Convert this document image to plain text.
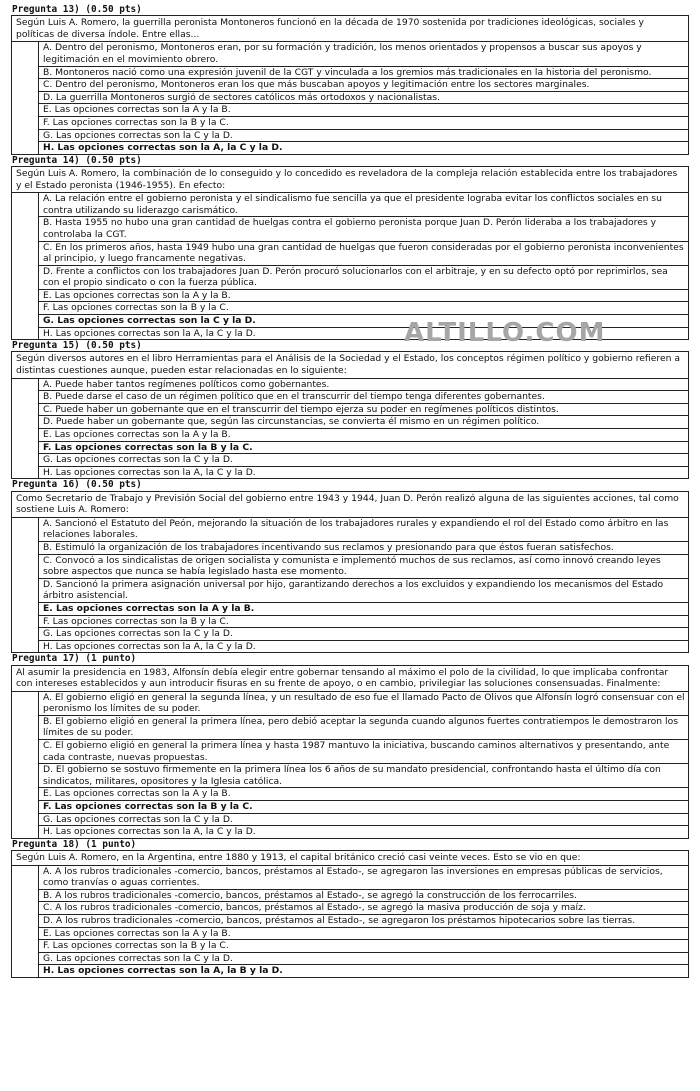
Pregunta 13) (0.50 pts)
Según Luis A. Romero, la guerrilla peronista Montoneros funcionó en la década de 1970 sostenida por tradiciones ideológicas, sociales y políticas de diversa índole. Entre ellas...
A. Dentro del peronismo, Montoneros eran, por su formación y tradición, los menos orientados y propensos a buscar sus apoyos y legitimación en el movimiento obrero.
B. Montoneros nació como una expresión juvenil de la CGT y vinculada a los gremios más tradicionales en la historia del peronismo.
C. Dentro del peronismo, Montoneros eran los que más buscaban apoyos y legitimación entre los sectores marginales.
D. La guerrilla Montoneros surgió de sectores católicos más ortodoxos y nacionalistas.
E. Las opciones correctas son la A y la B.
F. Las opciones correctas son la B y la C.
G. Las opciones correctas son la C y la D.
H. Las opciones correctas son la A, la C y la D.
Pregunta 14) (0.50 pts)
Según Luis A. Romero, la combinación de lo conseguido y lo concedido es reveladora de la compleja relación establecida entre los trabajadores y el Estado peronista (1946-1955). En efecto:
A. La relación entre el gobierno peronista y el sindicalismo fue sencilla ya que el presidente lograba evitar los conflictos sociales en su contra utilizando su liderazgo carismático.
B. Hasta 1955 no hubo una gran cantidad de huelgas contra el gobierno peronista porque Juan D. Perón lideraba a los trabajadores y controlaba la CGT.
C. En los primeros años, hasta 1949 hubo una gran cantidad de huelgas que fueron consideradas por el gobierno peronista inconvenientes al principio, y luego francamente negativas.
D. Frente a conflictos con los trabajadores Juan D. Perón procuró solucionarlos con el arbitraje, y en su defecto optó por reprimirlos, sea con el propio sindicato o con la fuerza pública.
E. Las opciones correctas son la A y la B.
F. Las opciones correctas son la B y la C.
G. Las opciones correctas son la C y la D.
H. Las opciones correctas son la A, la C y la D.
Pregunta 15) (0.50 pts)
Según diversos autores en el libro Herramientas para el Análisis de la Sociedad y el Estado, los conceptos régimen político y gobierno refieren a distintas cuestiones aunque, pueden estar relacionadas en lo siguiente:
A. Puede haber tantos regímenes políticos como gobernantes.
B. Puede darse el caso de un régimen político que en el transcurrir del tiempo tenga diferentes gobernantes.
C. Puede haber un gobernante que en el transcurrir del tiempo ejerza su poder en regímenes políticos distintos.
D. Puede haber un gobernante que, según las circunstancias, se convierta él mismo en un régimen político.
E. Las opciones correctas son la A y la B.
F. Las opciones correctas son la B y la C.
G. Las opciones correctas son la C y la D.
H. Las opciones correctas son la A, la C y la D.
Pregunta 16) (0.50 pts)
Como Secretario de Trabajo y Previsión Social del gobierno entre 1943 y 1944, Juan D. Perón realizó alguna de las siguientes acciones, tal como sostiene Luis A. Romero:
A. Sancionó el Estatuto del Peón, mejorando la situación de los trabajadores rurales y expandiendo el rol del Estado como árbitro en las relaciones laborales.
B. Estimuló la organización de los trabajadores incentivando sus reclamos y presionando para que éstos fueran satisfechos.
C. Convocó a los sindicalistas de origen socialista y comunista e implementó muchos de sus reclamos, así como innovó creando leyes sobre aspectos que nunca se había legislado hasta ese momento.
D. Sancionó la primera asignación universal por hijo, garantizando derechos a los excluidos y expandiendo los mecanismos del Estado árbitro asistencial.
E. Las opciones correctas son la A y la B.
F. Las opciones correctas son la B y la C.
G. Las opciones correctas son la C y la D.
H. Las opciones correctas son la A, la C y la D.
Pregunta 17) (1 punto)
Al asumir la presidencia en 1983, Alfonsín debía elegir entre gobernar tensando al máximo el polo de la civilidad, lo que implicaba confrontar con intereses establecidos y aun introducir fisuras en su frente de apoyo, o en cambio, privilegiar las soluciones consensuadas. Finalmente:
A. El gobierno eligió en general la segunda línea, y un resultado de eso fue el llamado Pacto de Olivos que Alfonsín logró consensuar con el peronismo los límites de su poder.
B. El gobierno eligió en general la primera línea, pero debió aceptar la segunda cuando algunos fuertes contratiempos le demostraron los límites de su poder.
C. El gobierno eligió en general la primera línea y hasta 1987 mantuvo la iniciativa, buscando caminos alternativos y presentando, ante cada contraste, nuevas propuestas.
D. El gobierno se sostuvo firmemente en la primera línea los 6 años de su mandato presidencial, confrontando hasta el último día con sindicatos, militares, opositores y la Iglesia católica.
E. Las opciones correctas son la A y la B.
F. Las opciones correctas son la B y la C.
G. Las opciones correctas son la C y la D.
H. Las opciones correctas son la A, la C y la D.
Pregunta 18) (1 punto)
Según Luis A. Romero, en la Argentina, entre 1880 y 1913, el capital británico creció casi veinte veces. Esto se vio en que:
A. A los rubros tradicionales -comercio, bancos, préstamos al Estado-, se agregaron las inversiones en empresas públicas de servicios, como tranvías o aguas corrientes.
B. A los rubros tradicionales -comercio, bancos, préstamos al Estado-, se agregó la construcción de los ferrocarriles.
C. A los rubros tradicionales -comercio, bancos, préstamos al Estado-, se agregó la masiva producción de soja y maíz.
D. A los rubros tradicionales -comercio, bancos, préstamos al Estado-, se agregaron los préstamos hipotecarios sobre las tierras.
E. Las opciones correctas son la A y la B.
F. Las opciones correctas son la B y la C.
G. Las opciones correctas son la C y la D.
H. Las opciones correctas son la A, la B y la D.
ALTILLO.COM
